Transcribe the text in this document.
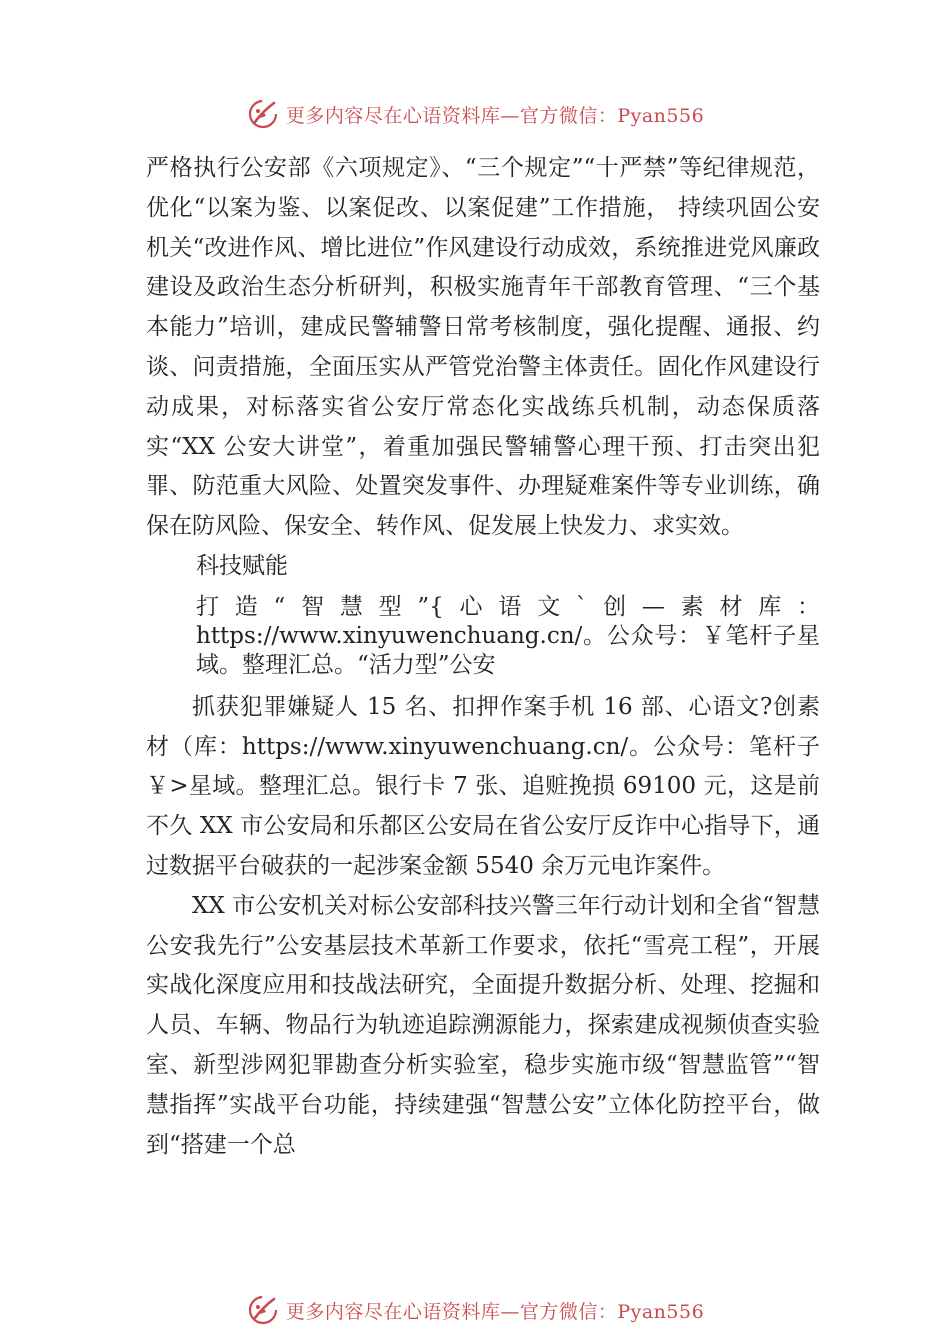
更多内容尽在心语资料库—官方微信：Pyan556

严格执行公安部《六项规定》、“三个规定”“十严禁”等纪律规范，优化“以案为鉴、以案促改、以案促建”工作措施， 持续巩固公安机关“改进作风、增比进位”作风建设行动成效，系统推进党风廉政建设及政治生态分析研判，积极实施青年干部教育管理、“三个基本能力”培训，建成民警辅警日常考核制度，强化提醒、通报、约谈、问责措施，全面压实从严管党治警主体责任。固化作风建设行动成果，对标落实省公安厅常态化实战练兵机制，动态保质落实“XX 公安大讲堂”，着重加强民警辅警心理干预、打击突出犯罪、防范重大风险、处置突发事件、办理疑难案件等专业训练，确保在防风险、保安全、转作风、促发展上快发力、求实效。

科技赋能

打造“智慧型”{心语文`创—素材库：https://www.xinyuwenchuang.cn/。公众号：￥笔杆子星域。整理汇总。“活力型”公安

抓获犯罪嫌疑人 15 名、扣押作案手机 16 部、心语文?创素材（库：https://www.xinyuwenchuang.cn/。公众号：笔杆子￥>星域。整理汇总。银行卡 7 张、追赃挽损 69100 元，这是前不久 XX 市公安局和乐都区公安局在省公安厅反诈中心指导下，通过数据平台破获的一起涉案金额 5540 余万元电诈案件。

XX 市公安机关对标公安部科技兴警三年行动计划和全省“智慧公安我先行”公安基层技术革新工作要求，依托“雪亮工程”，开展实战化深度应用和技战法研究，全面提升数据分析、处理、挖掘和人员、车辆、物品行为轨迹追踪溯源能力，探索建成视频侦查实验室、新型涉网犯罪勘查分析实验室，稳步实施市级“智慧监管”“智慧指挥”实战平台功能，持续建强“智慧公安”立体化防控平台，做到“搭建一个总

更多内容尽在心语资料库—官方微信：Pyan556
